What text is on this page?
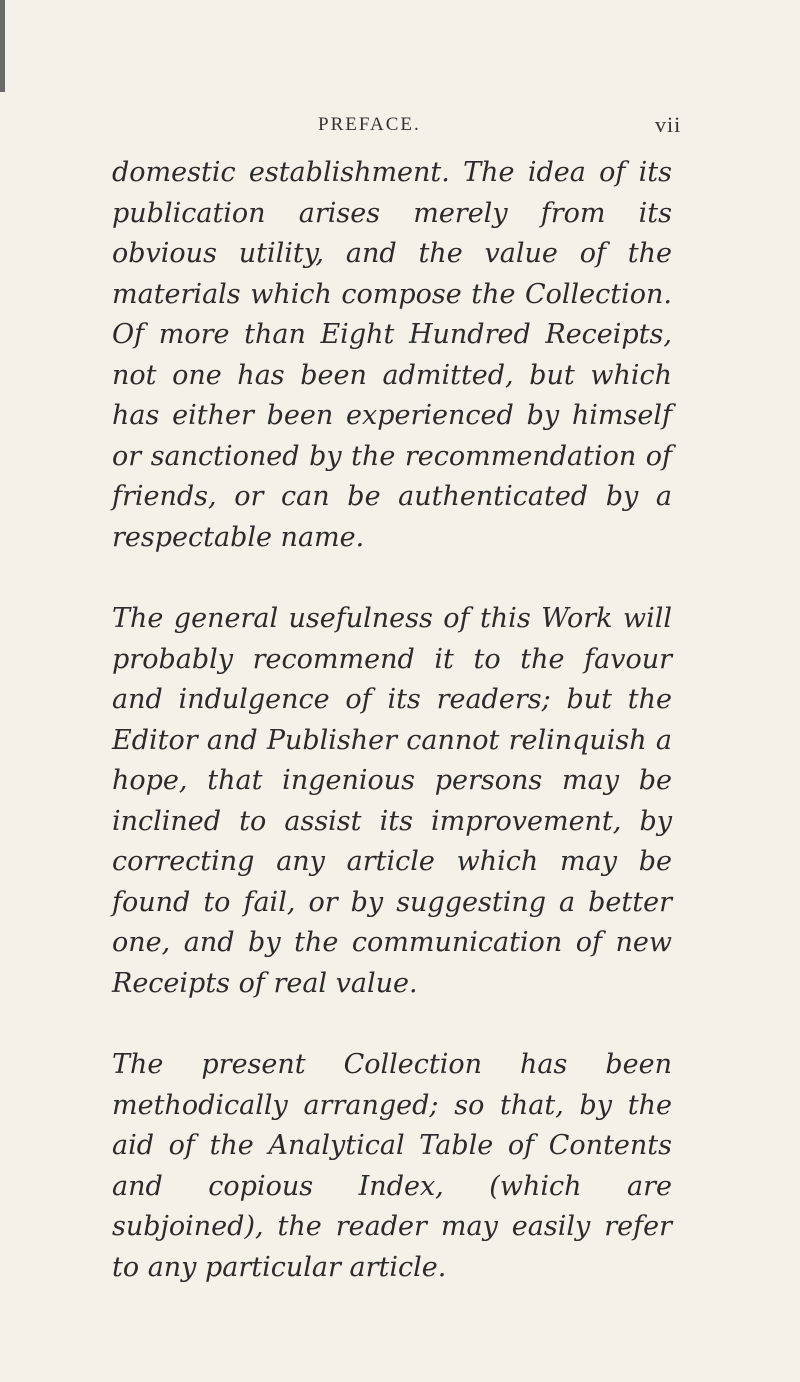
PREFACE.	vii

domestic establishment. The idea of its publication arises merely from its obvious utility, and the value of the materials which compose the Collection. Of more than Eight Hundred Receipts, not one has been admitted, but which has either been experienced by himself or sanctioned by the recommendation of friends, or can be authenticated by a respectable name.

The general usefulness of this Work will probably recommend it to the favour and indulgence of its readers; but the Editor and Publisher cannot relinquish a hope, that ingenious persons may be inclined to assist its improvement, by correcting any article which may be found to fail, or by suggesting a better one, and by the communication of new Receipts of real value.

The present Collection has been methodically arranged; so that, by the aid of the Analytical Table of Contents and copious Index, (which are subjoined), the reader may easily refer to any particular article.
